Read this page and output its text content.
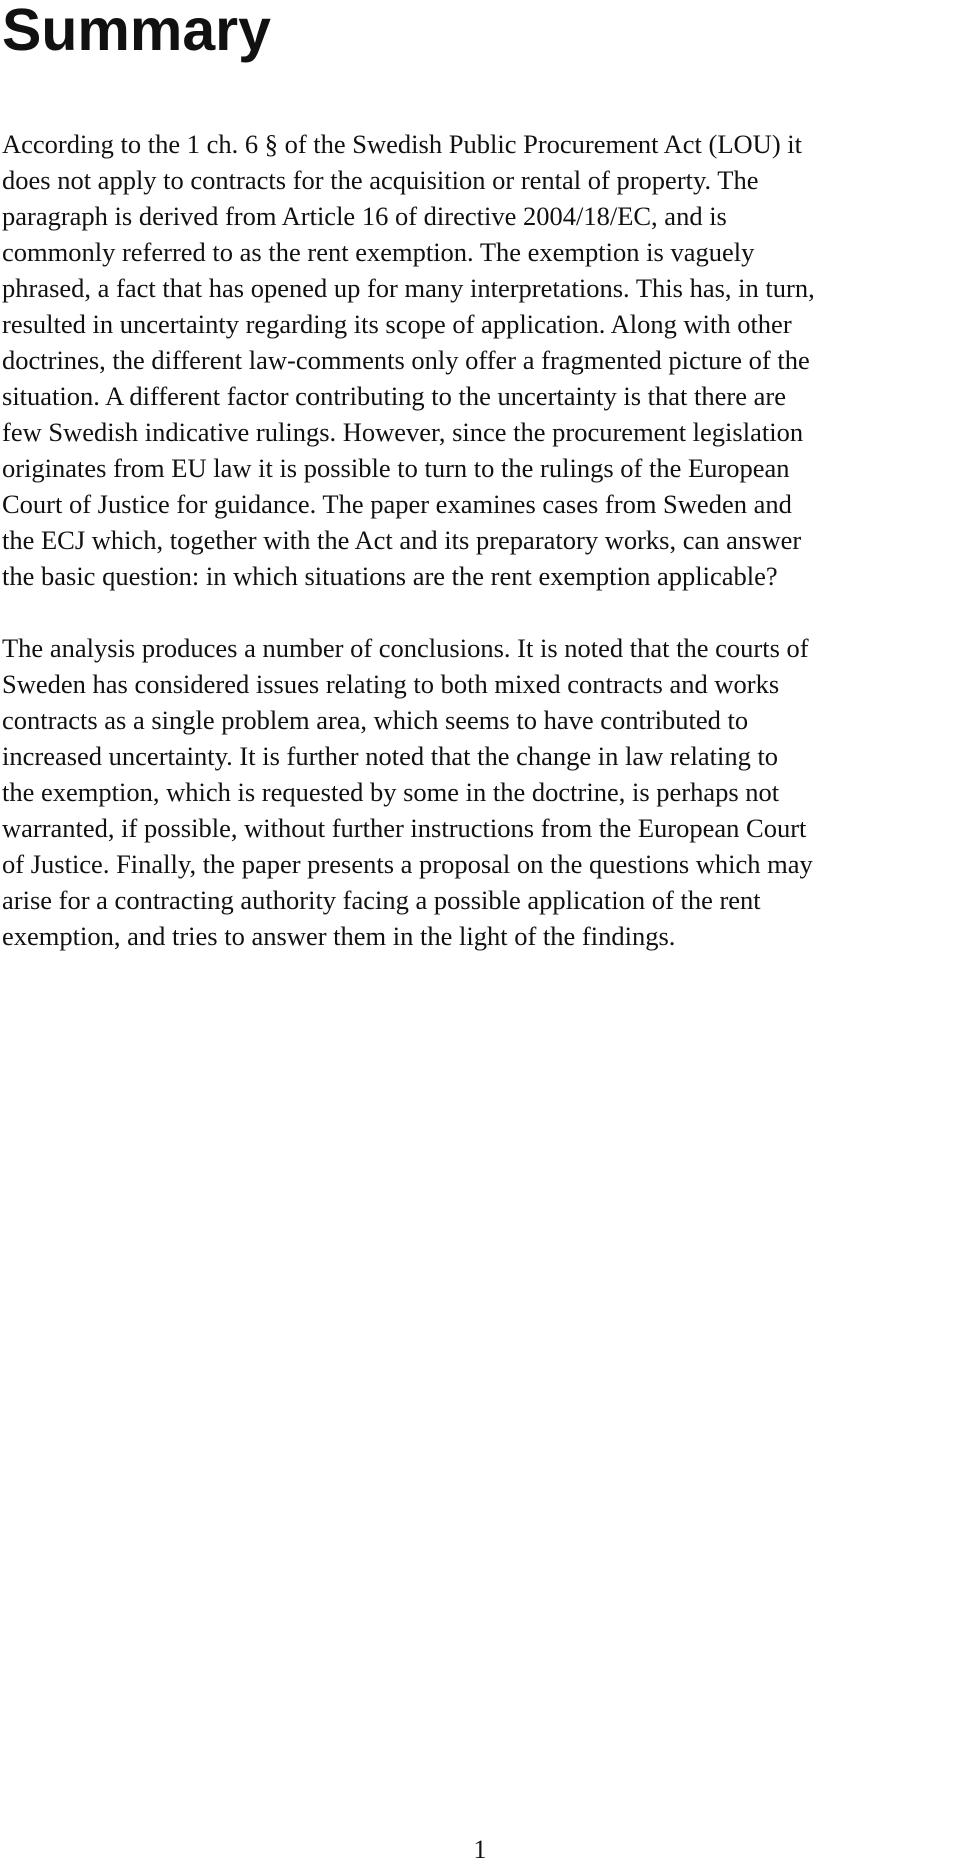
Summary

According to the 1 ch. 6 § of the Swedish Public Procurement Act (LOU) it
does not apply to contracts for the acquisition or rental of property. The
paragraph is derived from Article 16 of directive 2004/18/EC, and is
commonly referred to as the rent exemption. The exemption is vaguely
phrased, a fact that has opened up for many interpretations. This has, in turn,
resulted in uncertainty regarding its scope of application. Along with other
doctrines, the different law-comments only offer a fragmented picture of the
situation. A different factor contributing to the uncertainty is that there are
few Swedish indicative rulings. However, since the procurement legislation
originates from EU law it is possible to turn to the rulings of the European
Court of Justice for guidance. The paper examines cases from Sweden and
the ECJ which, together with the Act and its preparatory works, can answer
the basic question: in which situations are the rent exemption applicable?

The analysis produces a number of conclusions. It is noted that the courts of
Sweden has considered issues relating to both mixed contracts and works
contracts as a single problem area, which seems to have contributed to
increased uncertainty. It is further noted that the change in law relating to
the exemption, which is requested by some in the doctrine, is perhaps not
warranted, if possible, without further instructions from the European Court
of Justice. Finally, the paper presents a proposal on the questions which may
arise for a contracting authority facing a possible application of the rent
exemption, and tries to answer them in the light of the findings.

1
